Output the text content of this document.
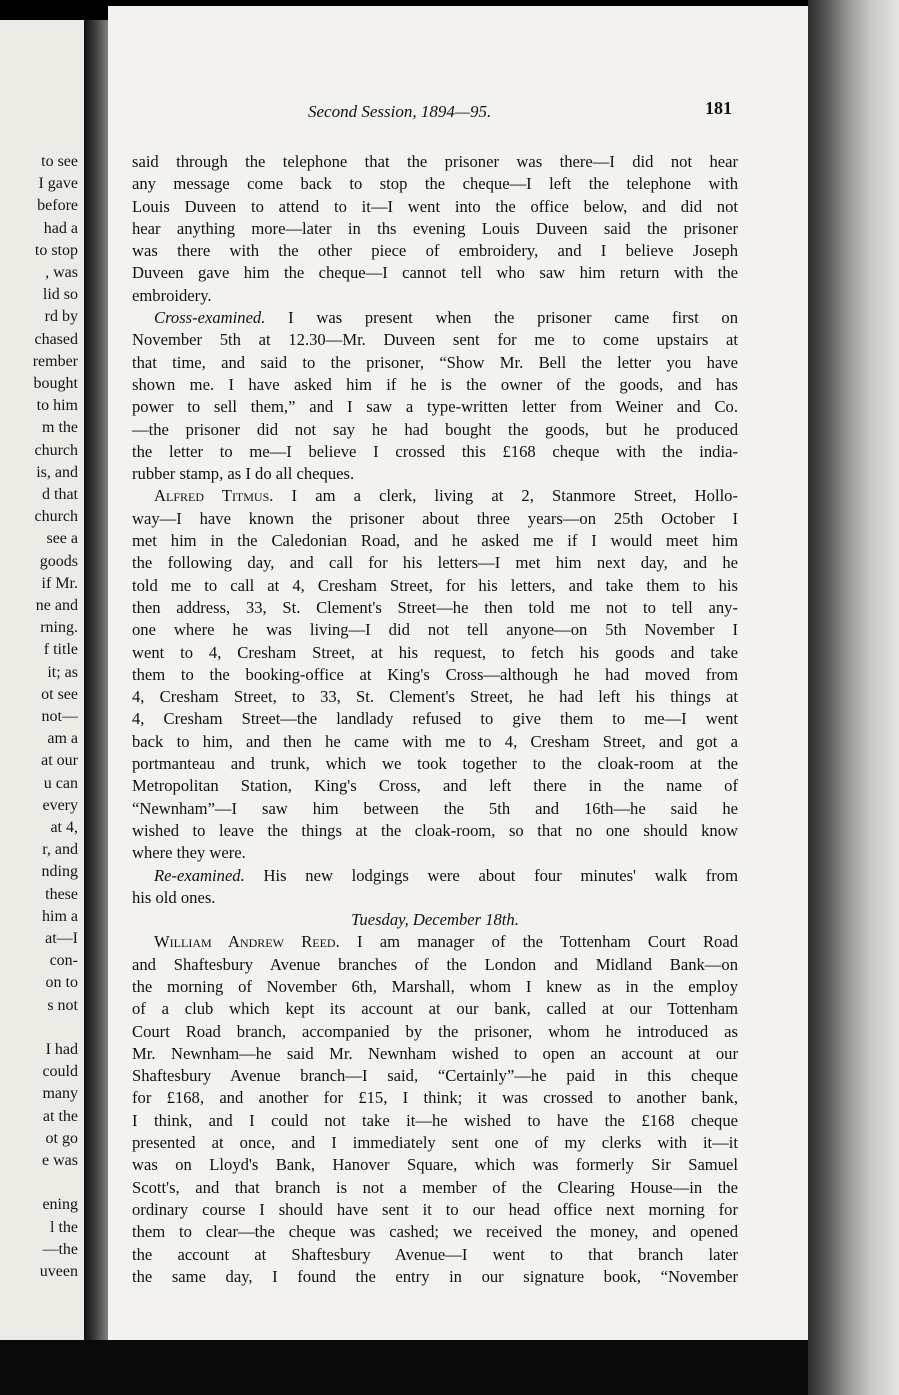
to see
I gave
before
had a
to stop
, was
lid so
rd by
chased
rember
bought
to him
m the
church
is, and
d that
church
see a
goods
if Mr.
ne and
rning.
f title
it; as
ot see
not—
am a
at our
u can
every
at 4,
r, and
nding
these
him a
at—I
con-
on to
s not
I had
could
many
at the
ot go
e was
ening
l the
—the
uveen
Second Session, 1894—95.	181
said through the telephone that the prisoner was there—I did not hear
any message come back to stop the cheque—I left the telephone with
Louis Duveen to attend to it—I went into the office below, and did not
hear anything more—later in ths evening Louis Duveen said the prisoner
was there with the other piece of embroidery, and I believe Joseph
Duveen gave him the cheque—I cannot tell who saw him return with the
embroidery.
Cross-examined. I was present when the prisoner came first on
November 5th at 12.30—Mr. Duveen sent for me to come upstairs at
that time, and said to the prisoner, “Show Mr. Bell the letter you have
shown me. I have asked him if he is the owner of the goods, and has
power to sell them,” and I saw a type-written letter from Weiner and Co.
—the prisoner did not say he had bought the goods, but he produced
the letter to me—I believe I crossed this £168 cheque with the india-
rubber stamp, as I do all cheques.
Alfred Titmus. I am a clerk, living at 2, Stanmore Street, Hollo-
way—I have known the prisoner about three years—on 25th October I
met him in the Caledonian Road, and he asked me if I would meet him
the following day, and call for his letters—I met him next day, and he
told me to call at 4, Cresham Street, for his letters, and take them to his
then address, 33, St. Clement's Street—he then told me not to tell any-
one where he was living—I did not tell anyone—on 5th November I
went to 4, Cresham Street, at his request, to fetch his goods and take
them to the booking-office at King's Cross—although he had moved from
4, Cresham Street, to 33, St. Clement's Street, he had left his things at
4, Cresham Street—the landlady refused to give them to me—I went
back to him, and then he came with me to 4, Cresham Street, and got a
portmanteau and trunk, which we took together to the cloak-room at the
Metropolitan Station, King's Cross, and left there in the name of
“Newnham”—I saw him between the 5th and 16th—he said he
wished to leave the things at the cloak-room, so that no one should know
where they were.
Re-examined. His new lodgings were about four minutes' walk from
his old ones.
Tuesday, December 18th.
William Andrew Reed. I am manager of the Tottenham Court Road
and Shaftesbury Avenue branches of the London and Midland Bank—on
the morning of November 6th, Marshall, whom I knew as in the employ
of a club which kept its account at our bank, called at our Tottenham
Court Road branch, accompanied by the prisoner, whom he introduced as
Mr. Newnham—he said Mr. Newnham wished to open an account at our
Shaftesbury Avenue branch—I said, “Certainly”—he paid in this cheque
for £168, and another for £15, I think; it was crossed to another bank,
I think, and I could not take it—he wished to have the £168 cheque
presented at once, and I immediately sent one of my clerks with it—it
was on Lloyd's Bank, Hanover Square, which was formerly Sir Samuel
Scott's, and that branch is not a member of the Clearing House—in the
ordinary course I should have sent it to our head office next morning for
them to clear—the cheque was cashed; we received the money, and opened
the account at Shaftesbury Avenue—I went to that branch later
the same day, I found the entry in our signature book, “November
